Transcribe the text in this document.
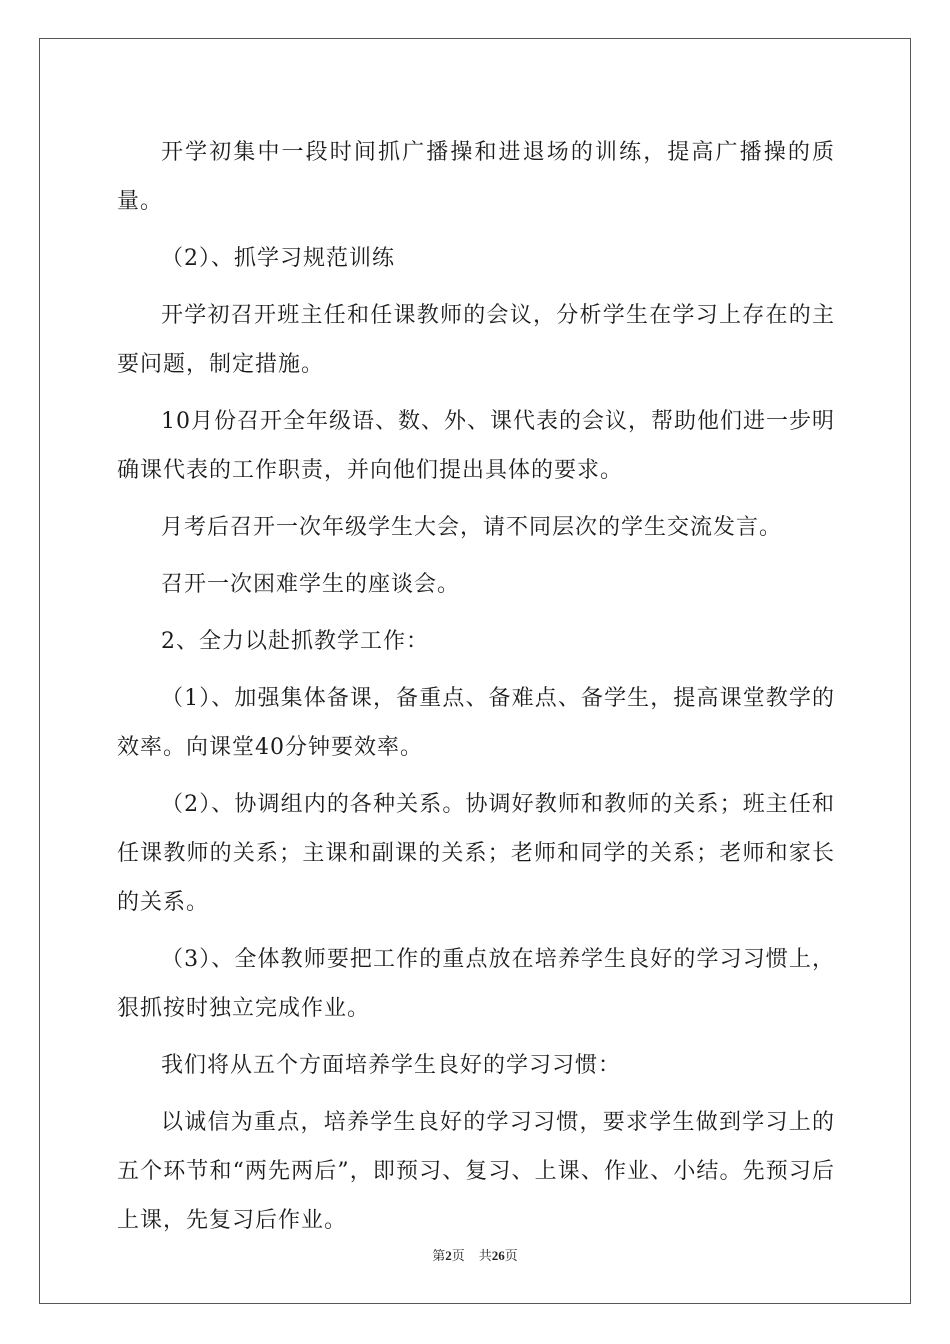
开学初集中一段时间抓广播操和进退场的训练，提高广播操的质量。

（2）、抓学习规范训练

开学初召开班主任和任课教师的会议，分析学生在学习上存在的主要问题，制定措施。

10月份召开全年级语、数、外、课代表的会议，帮助他们进一步明确课代表的工作职责，并向他们提出具体的要求。

月考后召开一次年级学生大会，请不同层次的学生交流发言。

召开一次困难学生的座谈会。

2、全力以赴抓教学工作：

（1）、加强集体备课，备重点、备难点、备学生，提高课堂教学的效率。向课堂40分钟要效率。

（2）、协调组内的各种关系。协调好教师和教师的关系；班主任和任课教师的关系；主课和副课的关系；老师和同学的关系；老师和家长的关系。

（3）、全体教师要把工作的重点放在培养学生良好的学习习惯上，狠抓按时独立完成作业。

我们将从五个方面培养学生良好的学习习惯：

以诚信为重点，培养学生良好的学习习惯，要求学生做到学习上的五个环节和“两先两后”，即预习、复习、上课、作业、小结。先预习后上课，先复习后作业。

第2页 共26页
